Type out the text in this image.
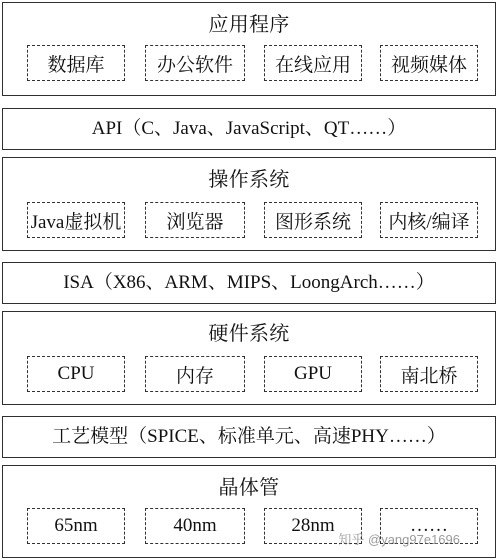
应用程序
数据库	办公软件	在线应用	视频媒体
API（C、Java、JavaScript、QT……）
操作系统
Java虚拟机	浏览器	图形系统	内核/编译
ISA（X86、ARM、MIPS、LoongArch……）
硬件系统
CPU	内存	GPU	南北桥
工艺模型（SPICE、标准单元、高速PHY……）
晶体管
65nm	40nm	28nm	……
知乎 @yang97e1696
